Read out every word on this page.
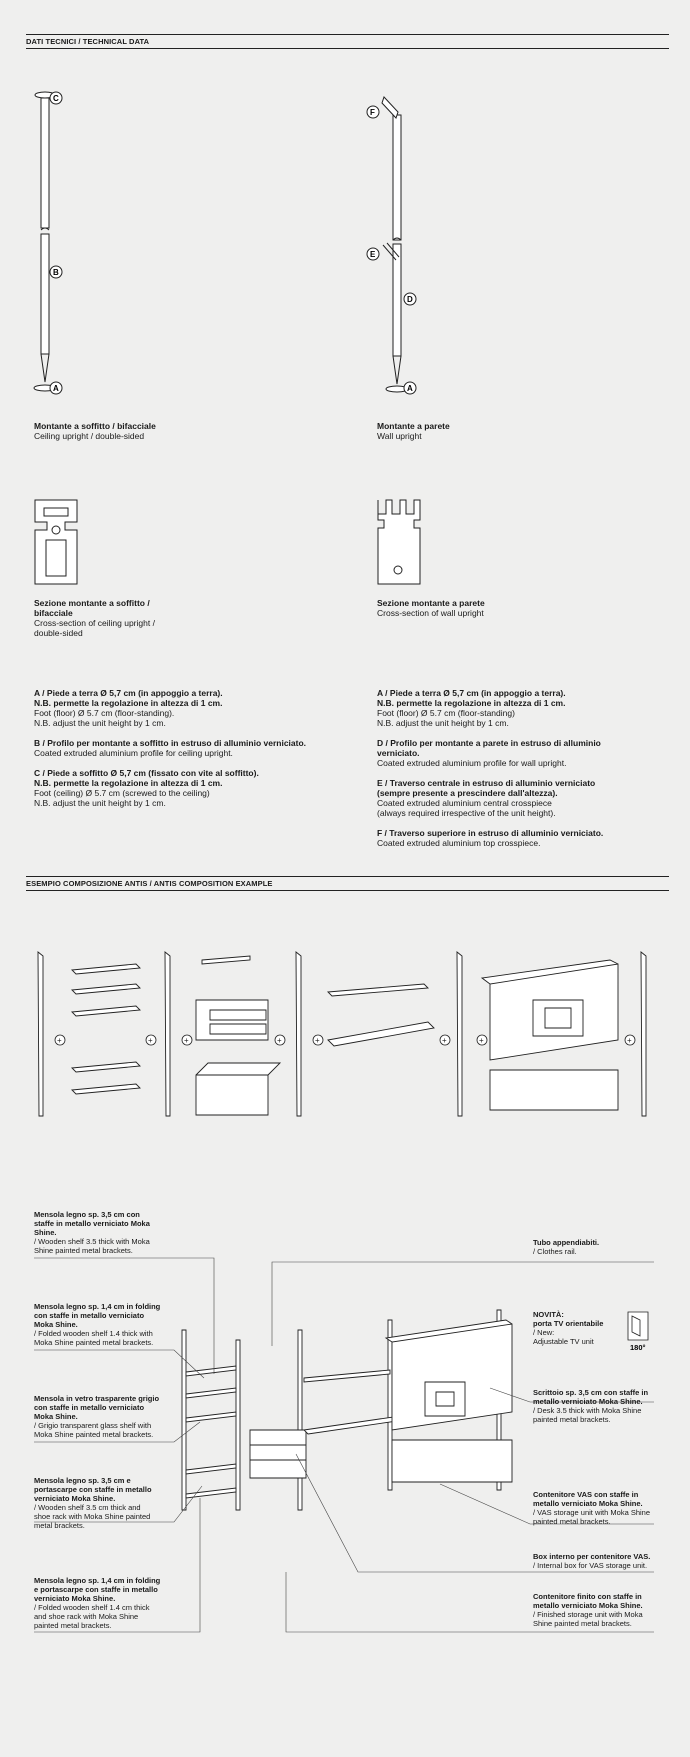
DATI TECNICI / TECHNICAL DATA
C
B
A
F
E
D
A
Montante a soffitto / bifacciale
Ceiling upright / double-sided
Montante a parete
Wall upright
Sezione montante a soffitto / bifacciale
Cross-section of ceiling upright / double-sided
Sezione montante a parete
Cross-section of wall upright

A / Piede a terra Ø 5,7 cm (in appoggio a terra).
N.B. permette la regolazione in altezza di 1 cm.
Foot (floor) Ø 5.7 cm (floor-standing).
N.B. adjust the unit height by 1 cm.

B / Profilo per montante a soffitto in estruso di alluminio verniciato.
Coated extruded aluminium profile for ceiling upright.

C / Piede a soffitto Ø 5,7 cm (fissato con vite al soffitto).
N.B. permette la regolazione in altezza di 1 cm.
Foot (ceiling) Ø 5.7 cm (screwed to the ceiling)
N.B. adjust the unit height by 1 cm.

A / Piede a terra Ø 5,7 cm (in appoggio a terra).
N.B. permette la regolazione in altezza di 1 cm.
Foot (floor) Ø 5.7 cm (floor-standing)
N.B. adjust the unit height by 1 cm.

D / Profilo per montante a parete in estruso di alluminio
verniciato.
Coated extruded aluminium profile for wall upright.

E / Traverso centrale in estruso di alluminio verniciato
(sempre presente a prescindere dall'altezza).
Coated extruded aluminium central crosspiece
(always required irrespective of the unit height).

F / Traverso superiore in estruso di alluminio verniciato.
Coated extruded aluminium top crosspiece.

ESEMPIO COMPOSIZIONE ANTIS / ANTIS COMPOSITION EXAMPLE
+	+	+	+	+	+	+	+
180°
Mensola legno sp. 3,5 cm con
staffe in metallo verniciato Moka
Shine.
/ Wooden shelf 3.5 thick with Moka
Shine painted metal brackets.
Mensola legno sp. 1,4 cm in folding
con staffe in metallo verniciato
Moka Shine.
/ Folded wooden shelf 1.4 thick with
Moka Shine painted metal brackets.
Mensola in vetro trasparente grigio
con staffe in metallo verniciato
Moka Shine.
/ Grigio transparent glass shelf with
Moka Shine painted metal brackets.
Mensola legno sp. 3,5 cm e
portascarpe con staffe in metallo
verniciato Moka Shine.
/ Wooden shelf 3.5 cm thick and
shoe rack with Moka Shine painted
metal brackets.
Mensola legno sp. 1,4 cm in folding
e portascarpe con staffe in metallo
verniciato Moka Shine.
/ Folded wooden shelf 1.4 cm thick
and shoe rack with Moka Shine
painted metal brackets.
Tubo appendiabiti.
/ Clothes rail.
NOVITÀ:
porta TV orientabile
/ New:
Adjustable TV unit
Scrittoio sp. 3,5 cm con staffe in
metallo verniciato Moka Shine.
/ Desk 3.5 thick with Moka Shine
painted metal brackets.
Contenitore VAS con staffe in
metallo verniciato Moka Shine.
/ VAS storage unit with Moka Shine
painted metal brackets.
Box interno per contenitore VAS.
/ Internal box for VAS storage unit.
Contenitore finito con staffe in
metallo verniciato Moka Shine.
/ Finished storage unit with Moka
Shine painted metal brackets.
